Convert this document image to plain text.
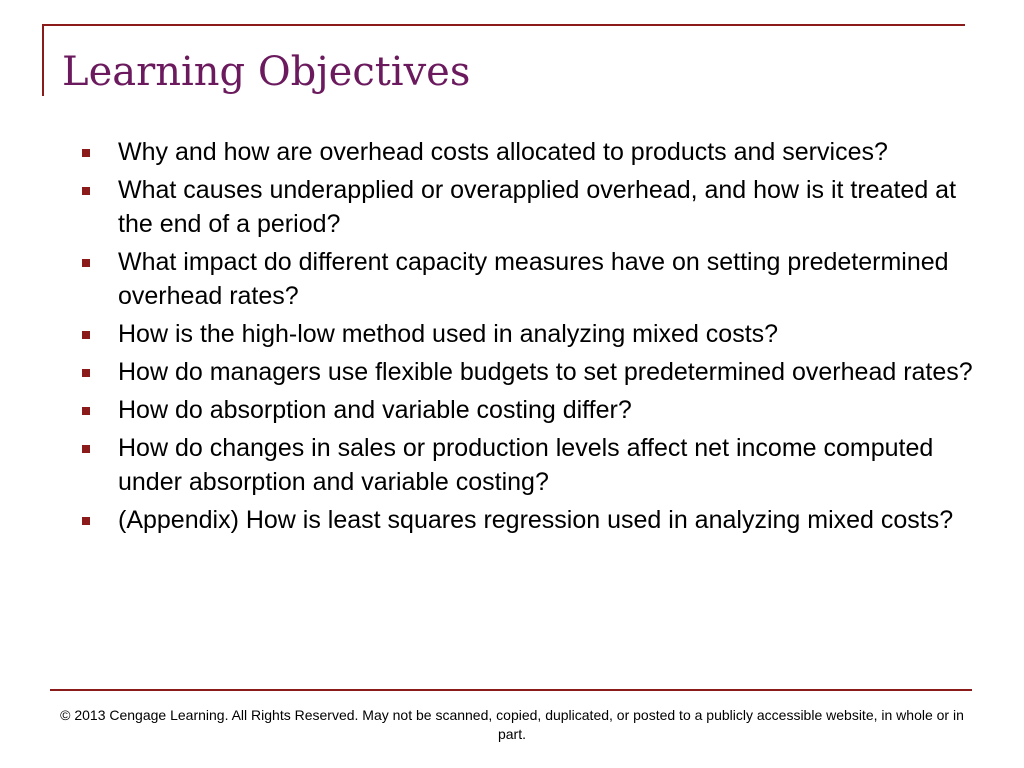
Learning Objectives
Why and how are overhead costs allocated to products and services?
What causes underapplied or overapplied overhead, and how is it treated at the end of a period?
What impact do different capacity measures have on setting predetermined overhead rates?
How is the high-low method used in analyzing mixed costs?
How do managers use flexible budgets to set predetermined overhead rates?
How do absorption and variable costing differ?
How do changes in sales or production levels affect net income computed under absorption and variable costing?
(Appendix) How is least squares regression used in analyzing mixed costs?
© 2013 Cengage Learning. All Rights Reserved. May not be scanned, copied, duplicated, or posted to a publicly accessible website, in whole or in part.
